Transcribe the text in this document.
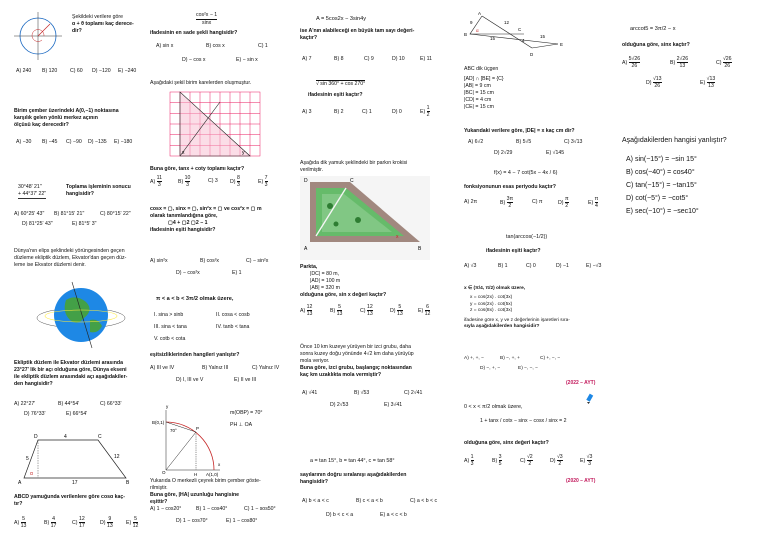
Şekildeki verilere göre
α + θ toplamı kaç derece-
dir?
A) 240 B) 120 C) 60 D) −120 E) −240
Birim çember üzerindeki A(0,−1) noktasına
karşılık gelen yönlü merkez açının
ölçüsü kaç derecedir?
A) −30 B) −45 C) −90 D) −135 E) −180
30°48' 21"
+ 44°37' 22"
Toplama işleminin sonucu
hangisidir?
A) 60°25' 43" B) 81°15' 21"	C) 80°15' 22"
D) 81°25' 43"	E) 81°5' 3"
Dünya'nın elips şeklindeki yörüngesinden geçen
düzleme ekliptik düzlem, Ekvator'dan geçen düz-
leme ise Ekvator düzlemi denir.
Ekliptik düzlem ile Ekvator düzlemi arasında
23°27' lik bir açı olduğuna göre, Dünya ekseni
ile ekliptik düzlem arasındaki açı aşağıdakiler-
den hangisidir?
A) 22°27'	B) 44°54'	C) 66°33'
D) 76°33'	E) 66°54'
D	C
A	B
4
12
5
17
α
ABCD yamuğunda verilenlere göre cosα kaç-
tır?
$A) \frac{5}{13}$	$B) \frac{4}{17}$	$C) \frac{12}{17}$	$D) \frac{9}{13}$	$E) \frac{5}{12}$
$\frac{\text{cos²x − 1}}{\sin x}$
ifadesinin en sade şekli hangisidir?
A) sin x	B) cos x	C) 1
D) − cos x	E) − sin x
Aşağıdaki şekil birim karelerden oluşmuştur.
x	y
Buna göre, tanx + coty toplamı kaçtır?
$A) \frac{11}{3}$	$B) \frac{10}{3}$	C) 3 $D) \frac{8}{3}$	$E) \frac{7}{3}$
cosx = ▢, sinx = ▢, sin²x = ▢ ve cos²x = ▢ m
olarak tanımlandığına göre,
▢4 + ▢2 ▢2 − 1
ifadesinin eşiti hangisidir?
A) sin²x	B) cos²x	C) − sin²x
D) − cos²x	E) 1
π < a < b < 3π/2 olmak üzere,
I. sina > sinb	II. cosa < cosb
III. sina < tana	IV. tanb < tana
V. cotb < cota
eşitsizliklerinden hangileri yanlıştır?
A) III ve IV	B) Yalnız III	C) Yalnız IV
D) I, III ve V	E) II ve III
B(0,1)
P
O	H A(1,0)
70°
y
x
m(OBP) = 70°
PH ⊥ OA
Yukarıda O merkezli çeyrek birim çember göste-
rilmiştir.
Buna göre, |HA| uzunluğu hangisine
eşittir?
A) 1 − cos20°	B) 1 − cos40°	C) 1 − sos50°
D) 1 − cos70°	E) 1 − cos80°
A = 5cos2x − 3sin4y
ise A'nın alabileceği en büyük tam sayı değeri-
kaçtır?
A) 7	B) 8	C) 9	D) 10	E) 11
√ sin 360° + cos 270°
ifadesinin eşiti kaçtır?
A) 3	B) 2	C) 1	D) 0	$E) \frac{1}{2}$
Aşağıda dik yamuk şeklindeki bir parkın krokisi
verilmiştir.
D	C
A	B
x
Parkta,
|DC| = 80 m,
|AD| = 100 m
|AB| = 320 m
olduğuna göre, sin x değeri kaçtır?
$A) \frac{12}{13}$	$B) \frac{5}{13}$	$C) \frac{12}{13}$	$D) \frac{5}{13}$	$E) \frac{6}{12}$
Önce 10 km kuzeye yürüyen bir izci grubu, daha
sonra kuzey doğu yönünde 4√2 km daha yürüyüp
mola veriyor.
Buna göre, izci grubu, başlangıç noktasından
kaç km uzaklıkta mola vermiştir?
A) √41	B) √53	C) 2√41
D) 2√53	E) 3√41
a = tan 15°, b = tan 44°, c = tan 58°
sayılarının doğru sıralanışı aşağıdakilerden
hangisidir?
A) b < a < c	B) c < a < b	C) a < b < c
D) b < c < a	E) a < c < b
A
B
C
D
E
9
15	15
4
12
α
ABC dik üçgen
[AD] ∩ [BE] = {C}
|AB| = 9 cm
|BC| = 15 cm
|CD| = 4 cm
|CE| = 15 cm
Yukarıdaki verilere göre, |DE| = x kaç cm dir?
A) 6√2	B) 5√5	C) 3√13
D) 2√29	E) √145
f(x) = 4 − 7 cot(5x − 4x / 6)
fonksiyonunun esas periyodu kaçtır?
A) 2π	$B) \frac{3\pi}{2}$	C) π	$D) \frac{\pi}{2}$	$E) \frac{\pi}{4}$
tan(arccos(−1/2))
ifadesinin eşiti kaçtır?
A) √3	B) 1	C) 0	D) −1	E) −√3
x ∈ (π/4, π/2) olmak üzere,
x = cos(2x) . cot(3x)
y = cos(2x) . cot(5x)
z = cos(8x) . cot(3x)
ifadesine göre x, y ve z değerlerinin işaretleri sıra-
sıyla aşağıdakilerden hangisidir?
A) +, +, −	B) −, +, +	C) +, −, −
D) −, +, −	E) −, −, −
(2022 – AYT)
0 < x < π/2 olmak üzere,
1 + tanx / cotx − sinx − cosx / sinx = 2
olduğuna göre, sinx değeri kaçtır?
$A) \frac{1}{3}$	$B) \frac{3}{5}$	$C) \frac{√2}{2}$	$D) \frac{√3}{2}$	$E) \frac{√3}{3}$
(2020 – AYT)
arccot5 = 3π/2 − x
olduğuna göre, sinx kaçtır?
$A) \frac{5√26}{26}$	$B) \frac{2√26}{13}$	$C) \frac{√26}{26}$
$D) \frac{√13}{26}$	$E) \frac{√13}{13}$
Aşağıdakilerden hangisi yanlıştır?
A) sin(−15°) = −sin 15°
B) cos(−40°) = cos40°
C) tan(−15°) = −tan15°
D) cot(−5°) = −cot5°
E) sec(−10°) = −sec10°
